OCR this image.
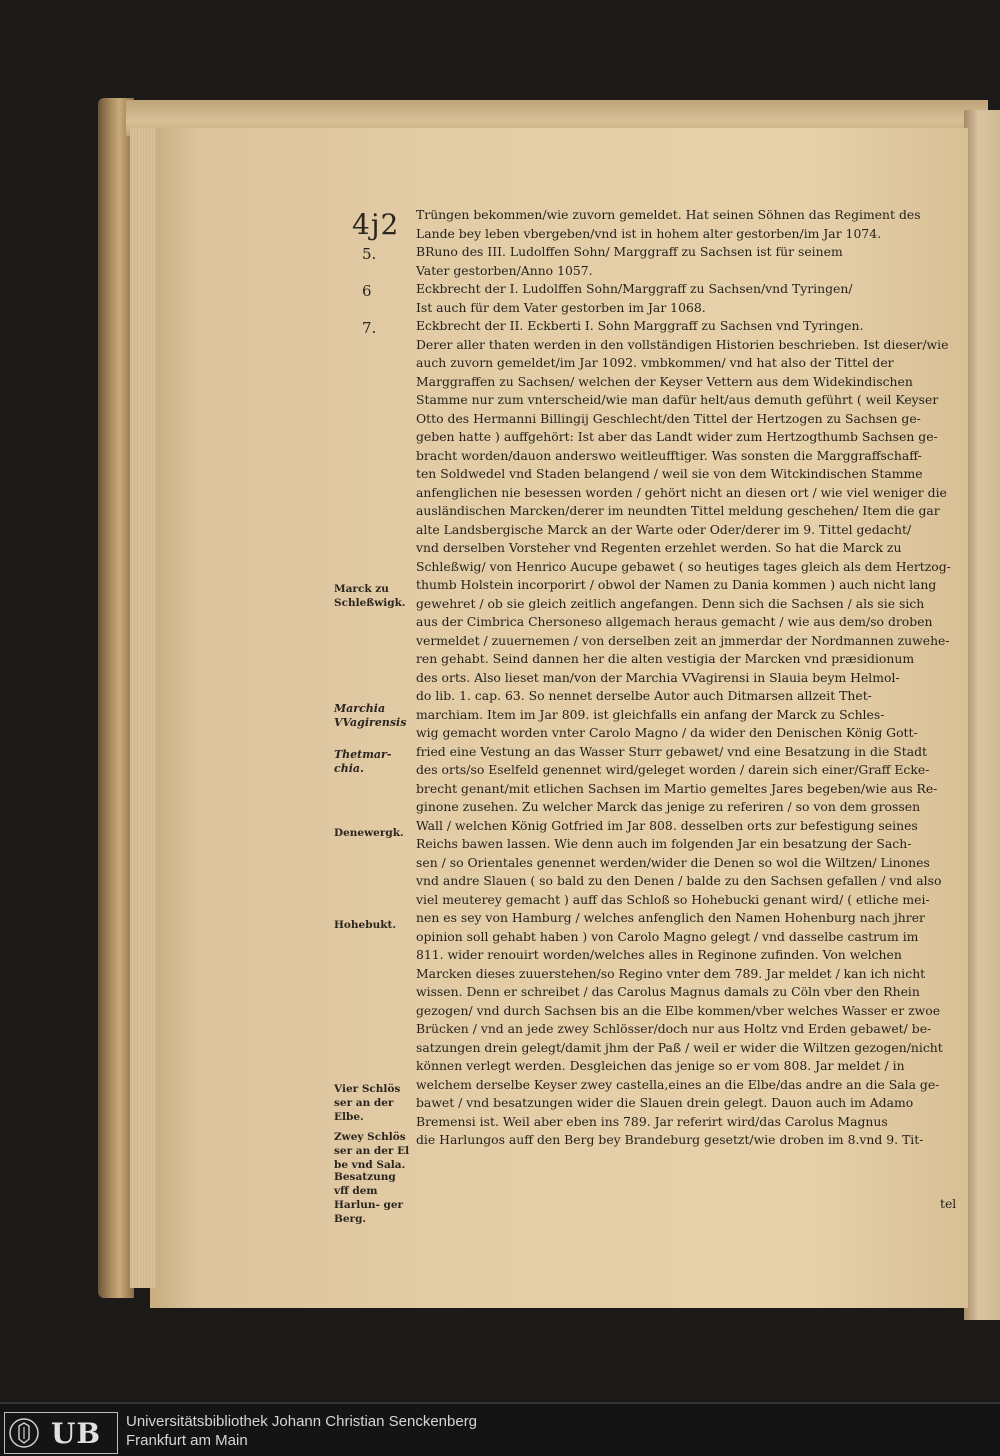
4j2
5.
6
7.
Marck zu Schleßwigk.
Marchia VVagirensis
Thetmar- chia.
Denewergk.
Hohebukt.
Vier Schlös ser an der Elbe.
Zwey Schlös ser an der El be vnd Sala.
Besatzung vff dem Harlun- ger Berg.
Trüngen bekommen/wie zuvorn gemeldet. Hat seinen Söhnen das Regiment des
Lande bey leben vbergeben/vnd ist in hohem alter gestorben/im Jar 1074.
BRuno des III. Ludolffen Sohn/ Marggraff zu Sachsen ist für seinem
Vater gestorben/Anno 1057.
Eckbrecht der I. Ludolffen Sohn/Marggraff zu Sachsen/vnd Tyringen/
Ist auch für dem Vater gestorben im Jar 1068.
Eckbrecht der II. Eckberti I. Sohn Marggraff zu Sachsen vnd Tyringen.
Derer aller thaten werden in den vollständigen Historien beschrieben. Ist dieser/wie
auch zuvorn gemeldet/im Jar 1092. vmbkommen/ vnd hat also der Tittel der
Marggraffen zu Sachsen/ welchen der Keyser Vettern aus dem Widekindischen
Stamme nur zum vnterscheid/wie man dafür helt/aus demuth geführt ( weil Keyser
Otto des Hermanni Billingij Geschlecht/den Tittel der Hertzogen zu Sachsen ge-
geben hatte ) auffgehört: Ist aber das Landt wider zum Hertzogthumb Sachsen ge-
bracht worden/dauon anderswo weitleufftiger. Was sonsten die Marggraffschaff-
ten Soldwedel vnd Staden belangend / weil sie von dem Witckindischen Stamme
anfenglichen nie besessen worden / gehört nicht an diesen ort / wie viel weniger die
ausländischen Marcken/derer im neundten Tittel meldung geschehen/ Item die gar
alte Landsbergische Marck an der Warte oder Oder/derer im 9. Tittel gedacht/
vnd derselben Vorsteher vnd Regenten erzehlet werden. So hat die Marck zu
Schleßwig/ von Henrico Aucupe gebawet ( so heutiges tages gleich als dem Hertzog-
thumb Holstein incorporirt / obwol der Namen zu Dania kommen ) auch nicht lang
gewehret / ob sie gleich zeitlich angefangen. Denn sich die Sachsen / als sie sich
aus der Cimbrica Chersoneso allgemach heraus gemacht / wie aus dem/so droben
vermeldet / zuuernemen / von derselben zeit an jmmerdar der Nordmannen zuwehe-
ren gehabt. Seind dannen her die alten vestigia der Marcken vnd præsidionum
des orts. Also lieset man/von der Marchia VVagirensi in Slauia beym Helmol-
do lib. 1. cap. 63. So nennet derselbe Autor auch Ditmarsen allzeit Thet-
marchiam. Item im Jar 809. ist gleichfalls ein anfang der Marck zu Schles-
wig gemacht worden vnter Carolo Magno / da wider den Denischen König Gott-
fried eine Vestung an das Wasser Sturr gebawet/ vnd eine Besatzung in die Stadt
des orts/so Eselfeld genennet wird/geleget worden / darein sich einer/Graff Ecke-
brecht genant/mit etlichen Sachsen im Martio gemeltes Jares begeben/wie aus Re-
ginone zusehen. Zu welcher Marck das jenige zu referiren / so von dem grossen
Wall / welchen König Gotfried im Jar 808. desselben orts zur befestigung seines
Reichs bawen lassen. Wie denn auch im folgenden Jar ein besatzung der Sach-
sen / so Orientales genennet werden/wider die Denen so wol die Wiltzen/ Linones
vnd andre Slauen ( so bald zu den Denen / balde zu den Sachsen gefallen / vnd also
viel meuterey gemacht ) auff das Schloß so Hohebucki genant wird/ ( etliche mei-
nen es sey von Hamburg / welches anfenglich den Namen Hohenburg nach jhrer
opinion soll gehabt haben ) von Carolo Magno gelegt / vnd dasselbe castrum im
811. wider renouirt worden/welches alles in Reginone zufinden. Von welchen
Marcken dieses zuuerstehen/so Regino vnter dem 789. Jar meldet / kan ich nicht
wissen. Denn er schreibet / das Carolus Magnus damals zu Cöln vber den Rhein
gezogen/ vnd durch Sachsen bis an die Elbe kommen/vber welches Wasser er zwoe
Brücken / vnd an jede zwey Schlösser/doch nur aus Holtz vnd Erden gebawet/ be-
satzungen drein gelegt/damit jhm der Paß / weil er wider die Wiltzen gezogen/nicht
können verlegt werden. Desgleichen das jenige so er vom 808. Jar meldet / in
welchem derselbe Keyser zwey castella,eines an die Elbe/das andre an die Sala ge-
bawet / vnd besatzungen wider die Slauen drein gelegt. Dauon auch im Adamo
Bremensi ist. Weil aber eben ins 789. Jar referirt wird/das Carolus Magnus
die Harlungos auff den Berg bey Brandeburg gesetzt/wie droben im 8.vnd 9. Tit-
tel
UB Universitätsbibliothek Johann Christian Senckenberg
Frankfurt am Main
